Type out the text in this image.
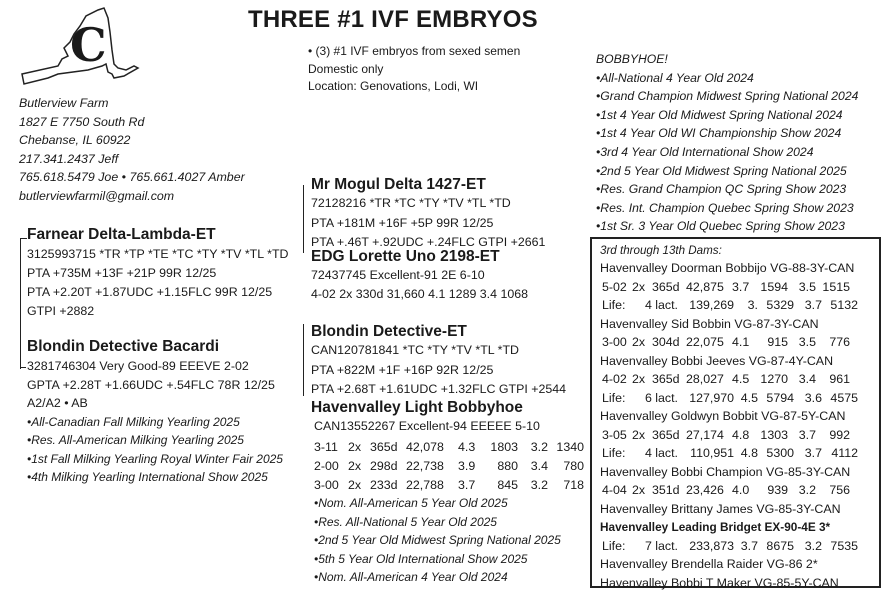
THREE #1 IVF EMBRYOS
C
Butlerview Farm
1827 E 7750 South Rd
Chebanse, IL 60922
217.341.2437 Jeff
765.618.5479 Joe • 765.661.4027 Amber
butlerviewfarmil@gmail.com
• (3) #1 IVF embryos from sexed semen
Domestic only
Location: Genovations, Lodi, WI
BOBBYHOE!
•All-National 4 Year Old 2024
•Grand Champion Midwest Spring National 2024
•1st 4 Year Old Midwest Spring National 2024
•1st 4 Year Old WI Championship Show 2024
•3rd 4 Year Old International Show 2024
•2nd 5 Year Old Midwest Spring National 2025
•Res. Grand Champion QC Spring Show 2023
•Res. Int. Champion Quebec Spring Show 2023
•1st Sr. 3 Year Old Quebec Spring Show 2023
Farnear Delta-Lambda-ET
3125993715 *TR *TP *TE *TC *TY *TV *TL *TD
PTA +735M +13F +21P 99R 12/25
PTA +2.20T +1.87UDC +1.15FLC 99R 12/25
GTPI +2882
Blondin Detective Bacardi
3281746304 Very Good-89 EEEVE 2-02
GPTA +2.28T +1.66UDC +.54FLC 78R 12/25
A2/A2 • AB
•All-Canadian Fall Milking Yearling 2025
•Res. All-American Milking Yearling 2025
•1st Fall Milking Yearling Royal Winter Fair 2025
•4th Milking Yearling International Show 2025
Mr Mogul Delta 1427-ET
72128216 *TR *TC *TY *TV *TL *TD
PTA +181M +16F +5P 99R 12/25
PTA +.46T +.92UDC +.24FLC GTPI +2661
EDG Lorette Uno 2198-ET
72437745 Excellent-91 2E 6-10
4-02 2x 330d 31,660 4.1 1289 3.4 1068
Blondin Detective-ET
CAN120781841 *TC *TY *TV *TL *TD
PTA +822M +1F +16P 92R 12/25
PTA +2.68T +1.61UDC +1.32FLC GTPI +2544
Havenvalley Light Bobbyhoe
CAN13552267 Excellent-94 EEEEE 5-10
3-11 2x 365d 42,078 4.3 1803 3.2 1340
2-00 2x 298d 22,738 3.9 880 3.4 780
3-00 2x 233d 22,788 3.7 845 3.2 718
•Nom. All-American 5 Year Old 2025
•Res. All-National 5 Year Old 2025
•2nd 5 Year Old Midwest Spring National 2025
•5th 5 Year Old International Show 2025
•Nom. All-American 4 Year Old 2024
3rd through 13th Dams:
Havenvalley Doorman Bobbijo VG-88-3Y-CAN
5-02 2x 365d 42,875 3.7 1594 3.5 1515
Life: 4 lact. 139,269 3. 5329 3.7 5132
Havenvalley Sid Bobbin VG-87-3Y-CAN
3-00 2x 304d 22,075 4.1 915 3.5 776
Havenvalley Bobbi Jeeves VG-87-4Y-CAN
4-02 2x 365d 28,027 4.5 1270 3.4 961
Life: 6 lact. 127,970 4.5 5794 3.6 4575
Havenvalley Goldwyn Bobbit VG-87-5Y-CAN
3-05 2x 365d 27,174 4.8 1303 3.7 992
Life: 4 lact. 110,951 4.8 5300 3.7 4112
Havenvalley Bobbi Champion VG-85-3Y-CAN
4-04 2x 351d 23,426 4.0 939 3.2 756
Havenvalley Brittany James VG-85-3Y-CAN
Havenvalley Leading Bridget EX-90-4E 3*
Life: 7 lact. 233,873 3.7 8675 3.2 7535
Havenvalley Brendella Raider VG-86 2*
Havenvalley Bobbi T Maker VG-85-5Y-CAN
